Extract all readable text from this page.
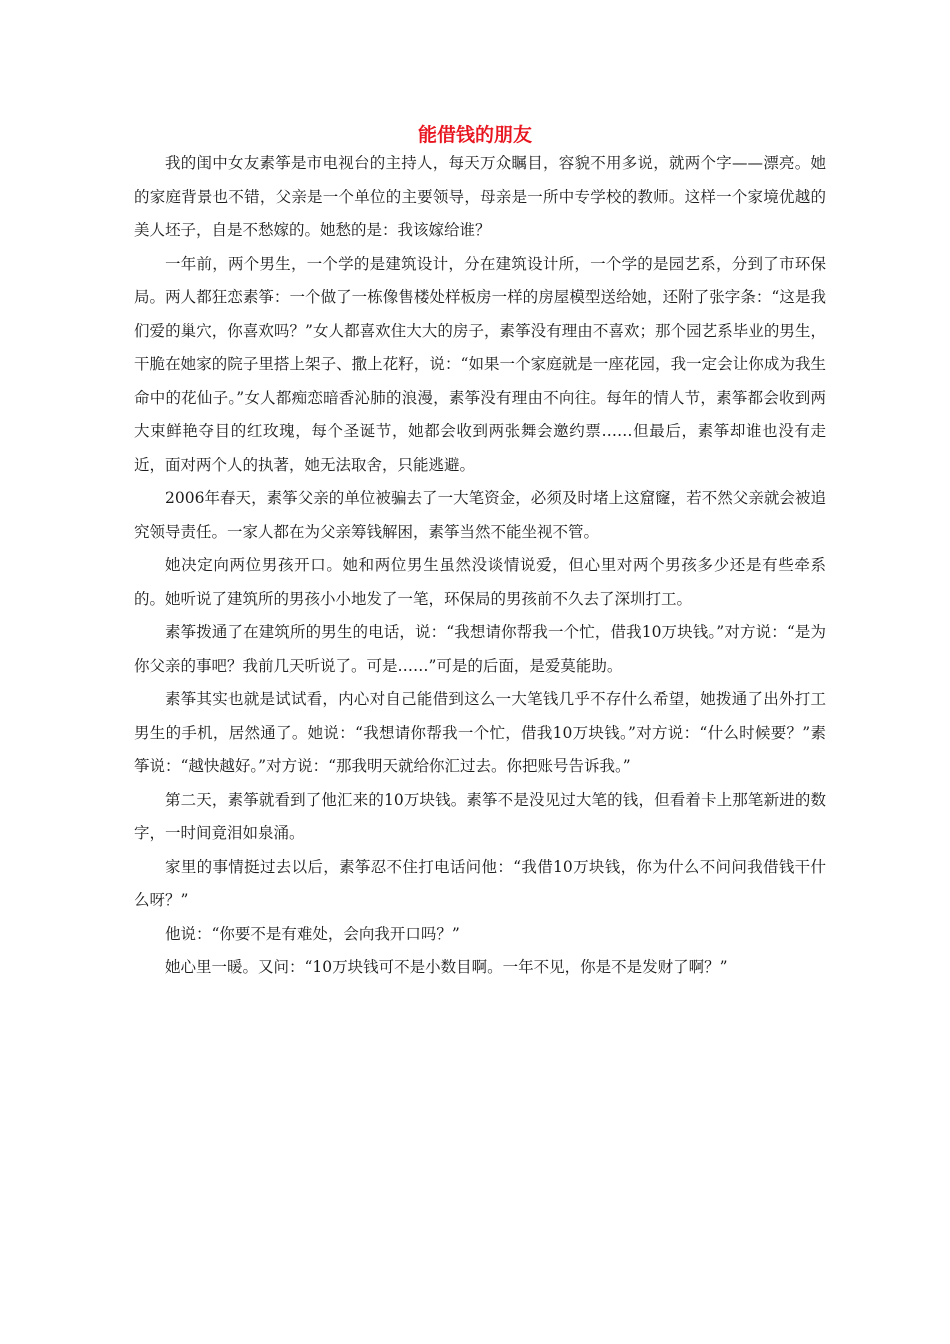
能借钱的朋友

我的闺中女友素筝是市电视台的主持人，每天万众瞩目，容貌不用多说，就两个字——漂亮。她的家庭背景也不错，父亲是一个单位的主要领导，母亲是一所中专学校的教师。这样一个家境优越的美人坯子，自是不愁嫁的。她愁的是：我该嫁给谁？

一年前，两个男生，一个学的是建筑设计，分在建筑设计所，一个学的是园艺系，分到了市环保局。两人都狂恋素筝：一个做了一栋像售楼处样板房一样的房屋模型送给她，还附了张字条：“这是我们爱的巢穴，你喜欢吗？”女人都喜欢住大大的房子，素筝没有理由不喜欢；那个园艺系毕业的男生，干脆在她家的院子里搭上架子、撒上花籽，说：“如果一个家庭就是一座花园，我一定会让你成为我生命中的花仙子。”女人都痴恋暗香沁肺的浪漫，素筝没有理由不向往。每年的情人节，素筝都会收到两大束鲜艳夺目的红玫瑰，每个圣诞节，她都会收到两张舞会邀约票……但最后，素筝却谁也没有走近，面对两个人的执著，她无法取舍，只能逃避。

2006年春天，素筝父亲的单位被骗去了一大笔资金，必须及时堵上这窟窿，若不然父亲就会被追究领导责任。一家人都在为父亲筹钱解困，素筝当然不能坐视不管。

她决定向两位男孩开口。她和两位男生虽然没谈情说爱，但心里对两个男孩多少还是有些牵系的。她听说了建筑所的男孩小小地发了一笔，环保局的男孩前不久去了深圳打工。

素筝拨通了在建筑所的男生的电话，说：“我想请你帮我一个忙，借我10万块钱。”对方说：“是为你父亲的事吧？我前几天听说了。可是……”可是的后面，是爱莫能助。

素筝其实也就是试试看，内心对自己能借到这么一大笔钱几乎不存什么希望，她拨通了出外打工男生的手机，居然通了。她说：“我想请你帮我一个忙，借我10万块钱。”对方说：“什么时候要？”素筝说：“越快越好。”对方说：“那我明天就给你汇过去。你把账号告诉我。”

第二天，素筝就看到了他汇来的10万块钱。素筝不是没见过大笔的钱，但看着卡上那笔新进的数字，一时间竟泪如泉涌。

家里的事情挺过去以后，素筝忍不住打电话问他：“我借10万块钱，你为什么不问问我借钱干什么呀？”

他说：“你要不是有难处，会向我开口吗？”

她心里一暖。又问：“10万块钱可不是小数目啊。一年不见，你是不是发财了啊？”
